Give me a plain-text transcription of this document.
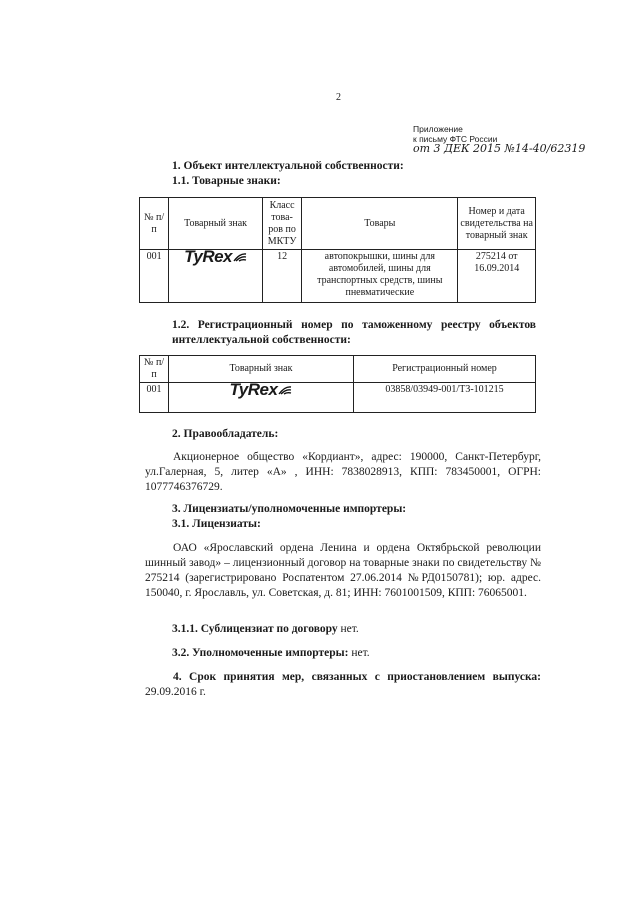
2
Приложение
к письму ФТС России
от 3 ДЕК 2015 №14-40/62319
1. Объект интеллектуальной собственности:
1.1. Товарные знаки:
№ п/п	Товарный знак	Класс това-ров по МКТУ	Товары	Номер и дата свидетельства на товарный знак
001	TyRex	12	автопокрышки, шины для автомобилей, шины для транспортных средств, шины пневматические	275214 от 16.09.2014
1.2. Регистрационный номер по таможенному реестру объектов интеллектуальной собственности:
№ п/п	Товарный знак	Регистрационный номер
001	TyRex	03858/03949-001/ТЗ-101215
2. Правообладатель:
Акционерное общество «Кордиант», адрес: 190000, Санкт-Петербург, ул.Галерная, 5, литер «А» , ИНН: 7838028913, КПП: 783450001, ОГРН: 1077746376729.
3. Лицензиаты/уполномоченные импортеры:
3.1. Лицензиаты:
ОАО «Ярославский ордена Ленина и ордена Октябрьской революции шинный завод» – лицензионный договор на товарные знаки по свидетельству № 275214 (зарегистрировано Роспатентом 27.06.2014 №РД0150781); юр. адрес. 150040, г. Ярославль, ул. Советская, д. 81; ИНН: 7601001509, КПП: 76065001.
3.1.1. Сублицензиат по договору нет.
3.2. Уполномоченные импортеры: нет.
4. Срок принятия мер, связанных с приостановлением выпуска: 29.09.2016 г.
